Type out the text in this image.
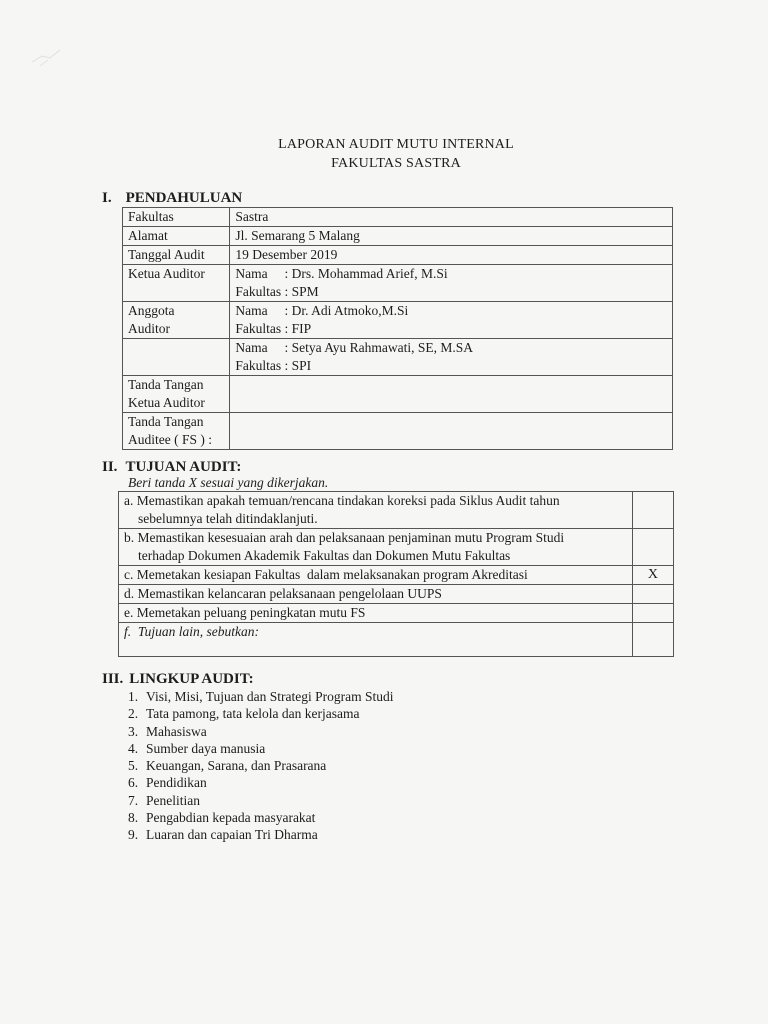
LAPORAN AUDIT MUTU INTERNAL
FAKULTAS SASTRA
I. PENDAHULUAN
Fakultas	Sastra
Alamat	Jl. Semarang 5 Malang
Tanggal Audit	19 Desember 2019
Ketua Auditor	Nama     : Drs. Mohammad Arief, M.Si
Fakultas : SPM

Anggota
Auditor	Nama     : Dr. Adi Atmoko,M.Si
Fakultas : FIP

	Nama     : Setya Ayu Rahmawati, SE, M.SA
Fakultas : SPI

Tanda Tangan
Ketua Auditor	

Tanda Tangan
Auditee ( FS ) :	

II. TUJUAN AUDIT:
Beri tanda X sesuai yang dikerjakan.
a. Memastikan apakah temuan/rencana tindakan koreksi pada Siklus Audit tahun
sebelumnya telah ditindaklanjuti.	

b. Memastikan kesesuaian arah dan pelaksanaan penjaminan mutu Program Studi
terhadap Dokumen Akademik Fakultas dan Dokumen Mutu Fakultas	

c. Memetakan kesiapan Fakultas  dalam melaksanakan program Akreditasi	X
d. Memastikan kelancaran pelaksanaan pengelolaan UUPS	
e. Memetakan peluang peningkatan mutu FS	
f.  Tujuan lain, sebutkan:	
III. LINGKUP AUDIT:
1. Visi, Misi, Tujuan dan Strategi Program Studi
2. Tata pamong, tata kelola dan kerjasama
3. Mahasiswa
4. Sumber daya manusia
5. Keuangan, Sarana, dan Prasarana
6. Pendidikan
7. Penelitian
8. Pengabdian kepada masyarakat
9. Luaran dan capaian Tri Dharma
